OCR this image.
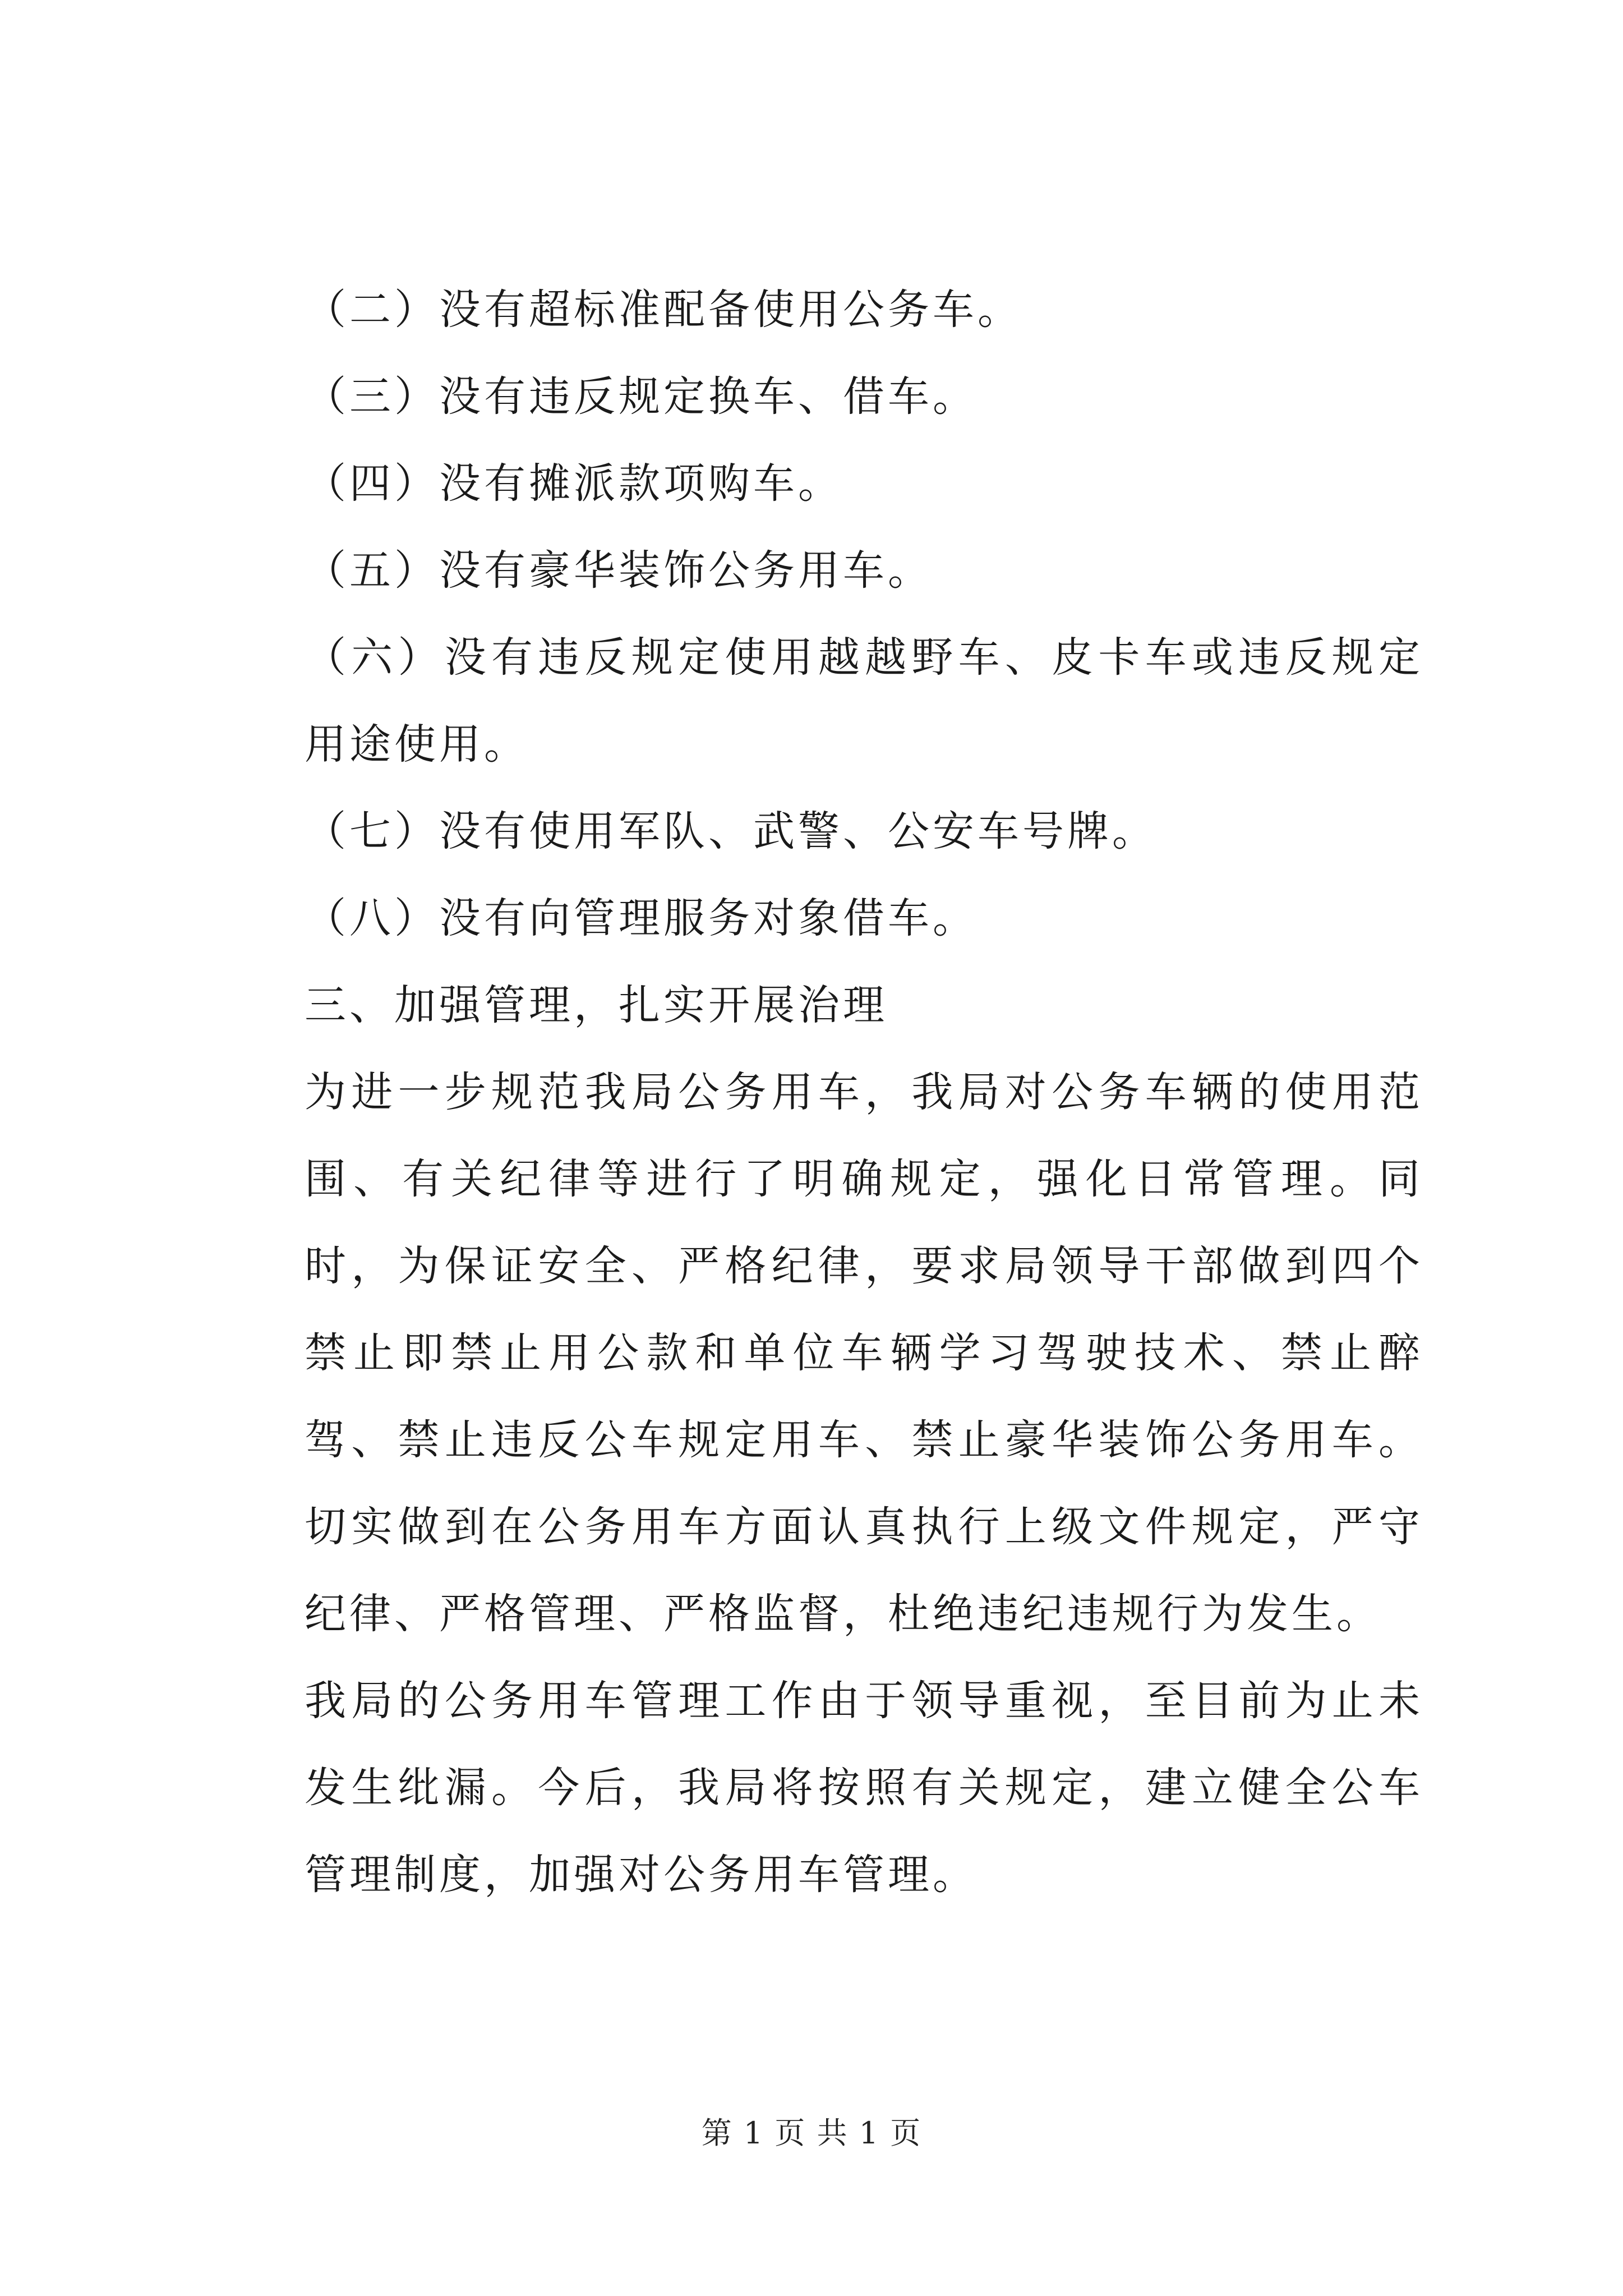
（二）没有超标准配备使用公务车。

（三）没有违反规定换车、借车。

（四）没有摊派款项购车。

（五）没有豪华装饰公务用车。

（六）没有违反规定使用越越野车、皮卡车或违反规定用途使用。

（七）没有使用军队、武警、公安车号牌。

（八）没有向管理服务对象借车。

三、加强管理，扎实开展治理

为进一步规范我局公务用车，我局对公务车辆的使用范围、有关纪律等进行了明确规定，强化日常管理。同时，为保证安全、严格纪律，要求局领导干部做到四个禁止即禁止用公款和单位车辆学习驾驶技术、禁止醉驾、禁止违反公车规定用车、禁止豪华装饰公务用车。切实做到在公务用车方面认真执行上级文件规定，严守纪律、严格管理、严格监督，杜绝违纪违规行为发生。

我局的公务用车管理工作由于领导重视，至目前为止未发生纰漏。今后，我局将按照有关规定，建立健全公车管理制度，加强对公务用车管理。

第 1 页 共 1 页
